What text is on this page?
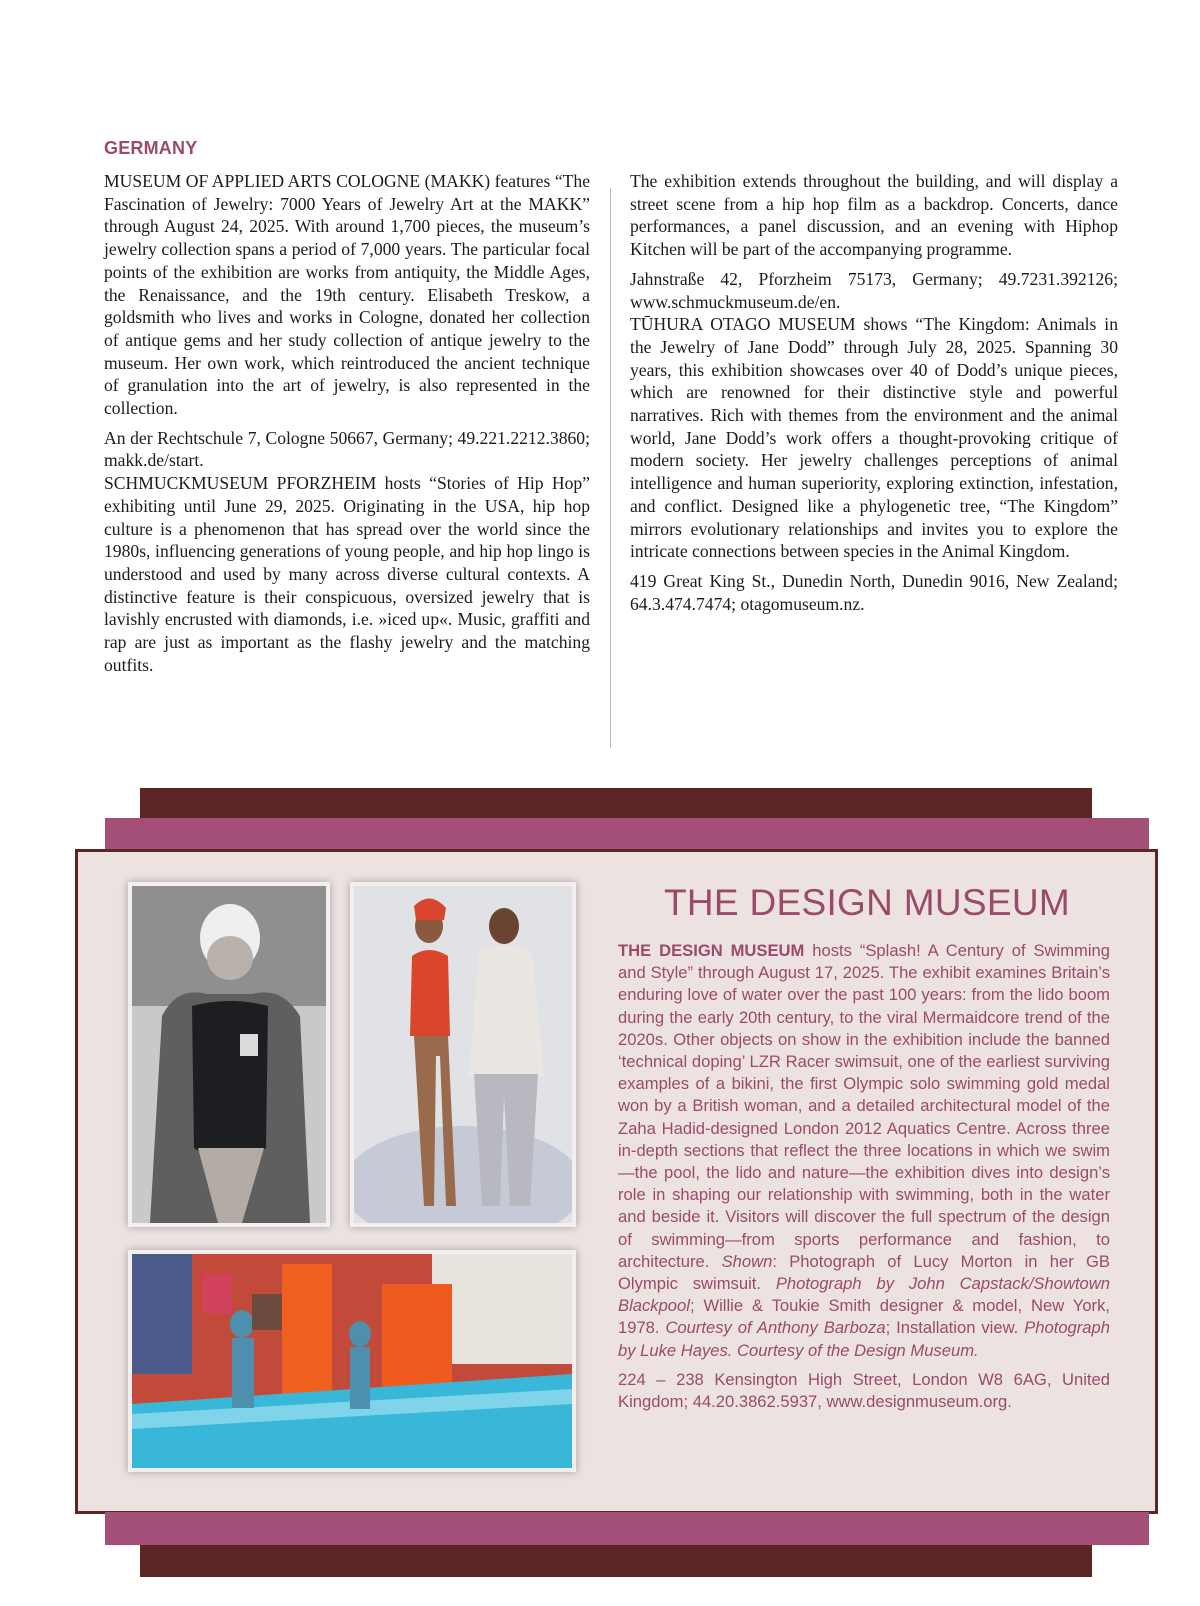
GERMANY

MUSEUM OF APPLIED ARTS COLOGNE (MAKK) features “The Fascination of Jewelry: 7000 Years of Jewelry Art at the MAKK” through August 24, 2025. With around 1,700 pieces, the museum’s jewelry collection spans a period of 7,000 years. The particular focal points of the exhibition are works from antiquity, the Middle Ages, the Renaissance, and the 19th century. Elisabeth Treskow, a goldsmith who lives and works in Cologne, donated her collection of antique gems and her study collection of antique jewelry to the museum. Her own work, which reintroduced the ancient technique of granulation into the art of jewelry, is also represented in the collection.

An der Rechtschule 7, Cologne 50667, Germany; 49.221.2212.3860; makk.de/start.

SCHMUCKMUSEUM PFORZHEIM hosts “Stories of Hip Hop” exhibiting until June 29, 2025. Originating in the USA, hip hop culture is a phenomenon that has spread over the world since the 1980s, influencing generations of young people, and hip hop lingo is understood and used by many across diverse cultural contexts. A distinctive feature is their conspicuous, oversized jewelry that is lavishly encrusted with diamonds, i.e. »iced up«. Music, graffiti and rap are just as important as the flashy jewelry and the matching outfits.

The exhibition extends throughout the building, and will display a street scene from a hip hop film as a backdrop. Concerts, dance performances, a panel discussion, and an evening with Hiphop Kitchen will be part of the accompanying programme.

Jahnstraße 42, Pforzheim 75173, Germany; 49.7231.392126; www.schmuckmuseum.de/en.

TŪHURA OTAGO MUSEUM shows “The Kingdom: Animals in the Jewelry of Jane Dodd” through July 28, 2025. Spanning 30 years, this exhibition showcases over 40 of Dodd’s unique pieces, which are renowned for their distinctive style and powerful narratives. Rich with themes from the environment and the animal world, Jane Dodd’s work offers a thought-provoking critique of modern society. Her jewelry challenges perceptions of animal intelligence and human superiority, exploring extinction, infestation, and conflict. Designed like a phylogenetic tree, “The Kingdom” mirrors evolutionary relationships and invites you to explore the intricate connections between species in the Animal Kingdom.

419 Great King St., Dunedin North, Dunedin 9016, New Zealand; 64.3.474.7474; otagomuseum.nz.

THE DESIGN MUSEUM

THE DESIGN MUSEUM hosts “Splash! A Century of Swimming and Style” through August 17, 2025. The exhibit examines Britain’s enduring love of water over the past 100 years: from the lido boom during the early 20th century, to the viral Mermaidcore trend of the 2020s. Other objects on show in the exhibition include the banned ‘technical doping’ LZR Racer swimsuit, one of the earliest surviving examples of a bikini, the first Olympic solo swimming gold medal won by a British woman, and a detailed architectural model of the Zaha Hadid-designed London 2012 Aquatics Centre. Across three in-depth sections that reflect the three locations in which we swim—the pool, the lido and nature—the exhibition dives into design’s role in shaping our relationship with swimming, both in the water and beside it. Visitors will discover the full spectrum of the design of swimming—from sports performance and fashion, to architecture. Shown: Photograph of Lucy Morton in her GB Olympic swimsuit. Photograph by John Capstack/Showtown Blackpool; Willie & Toukie Smith designer & model, New York, 1978. Courtesy of Anthony Barboza; Installation view. Photograph by Luke Hayes. Courtesy of the Design Museum.

224 – 238 Kensington High Street, London W8 6AG, United Kingdom; 44.20.3862.5937, www.designmuseum.org.
